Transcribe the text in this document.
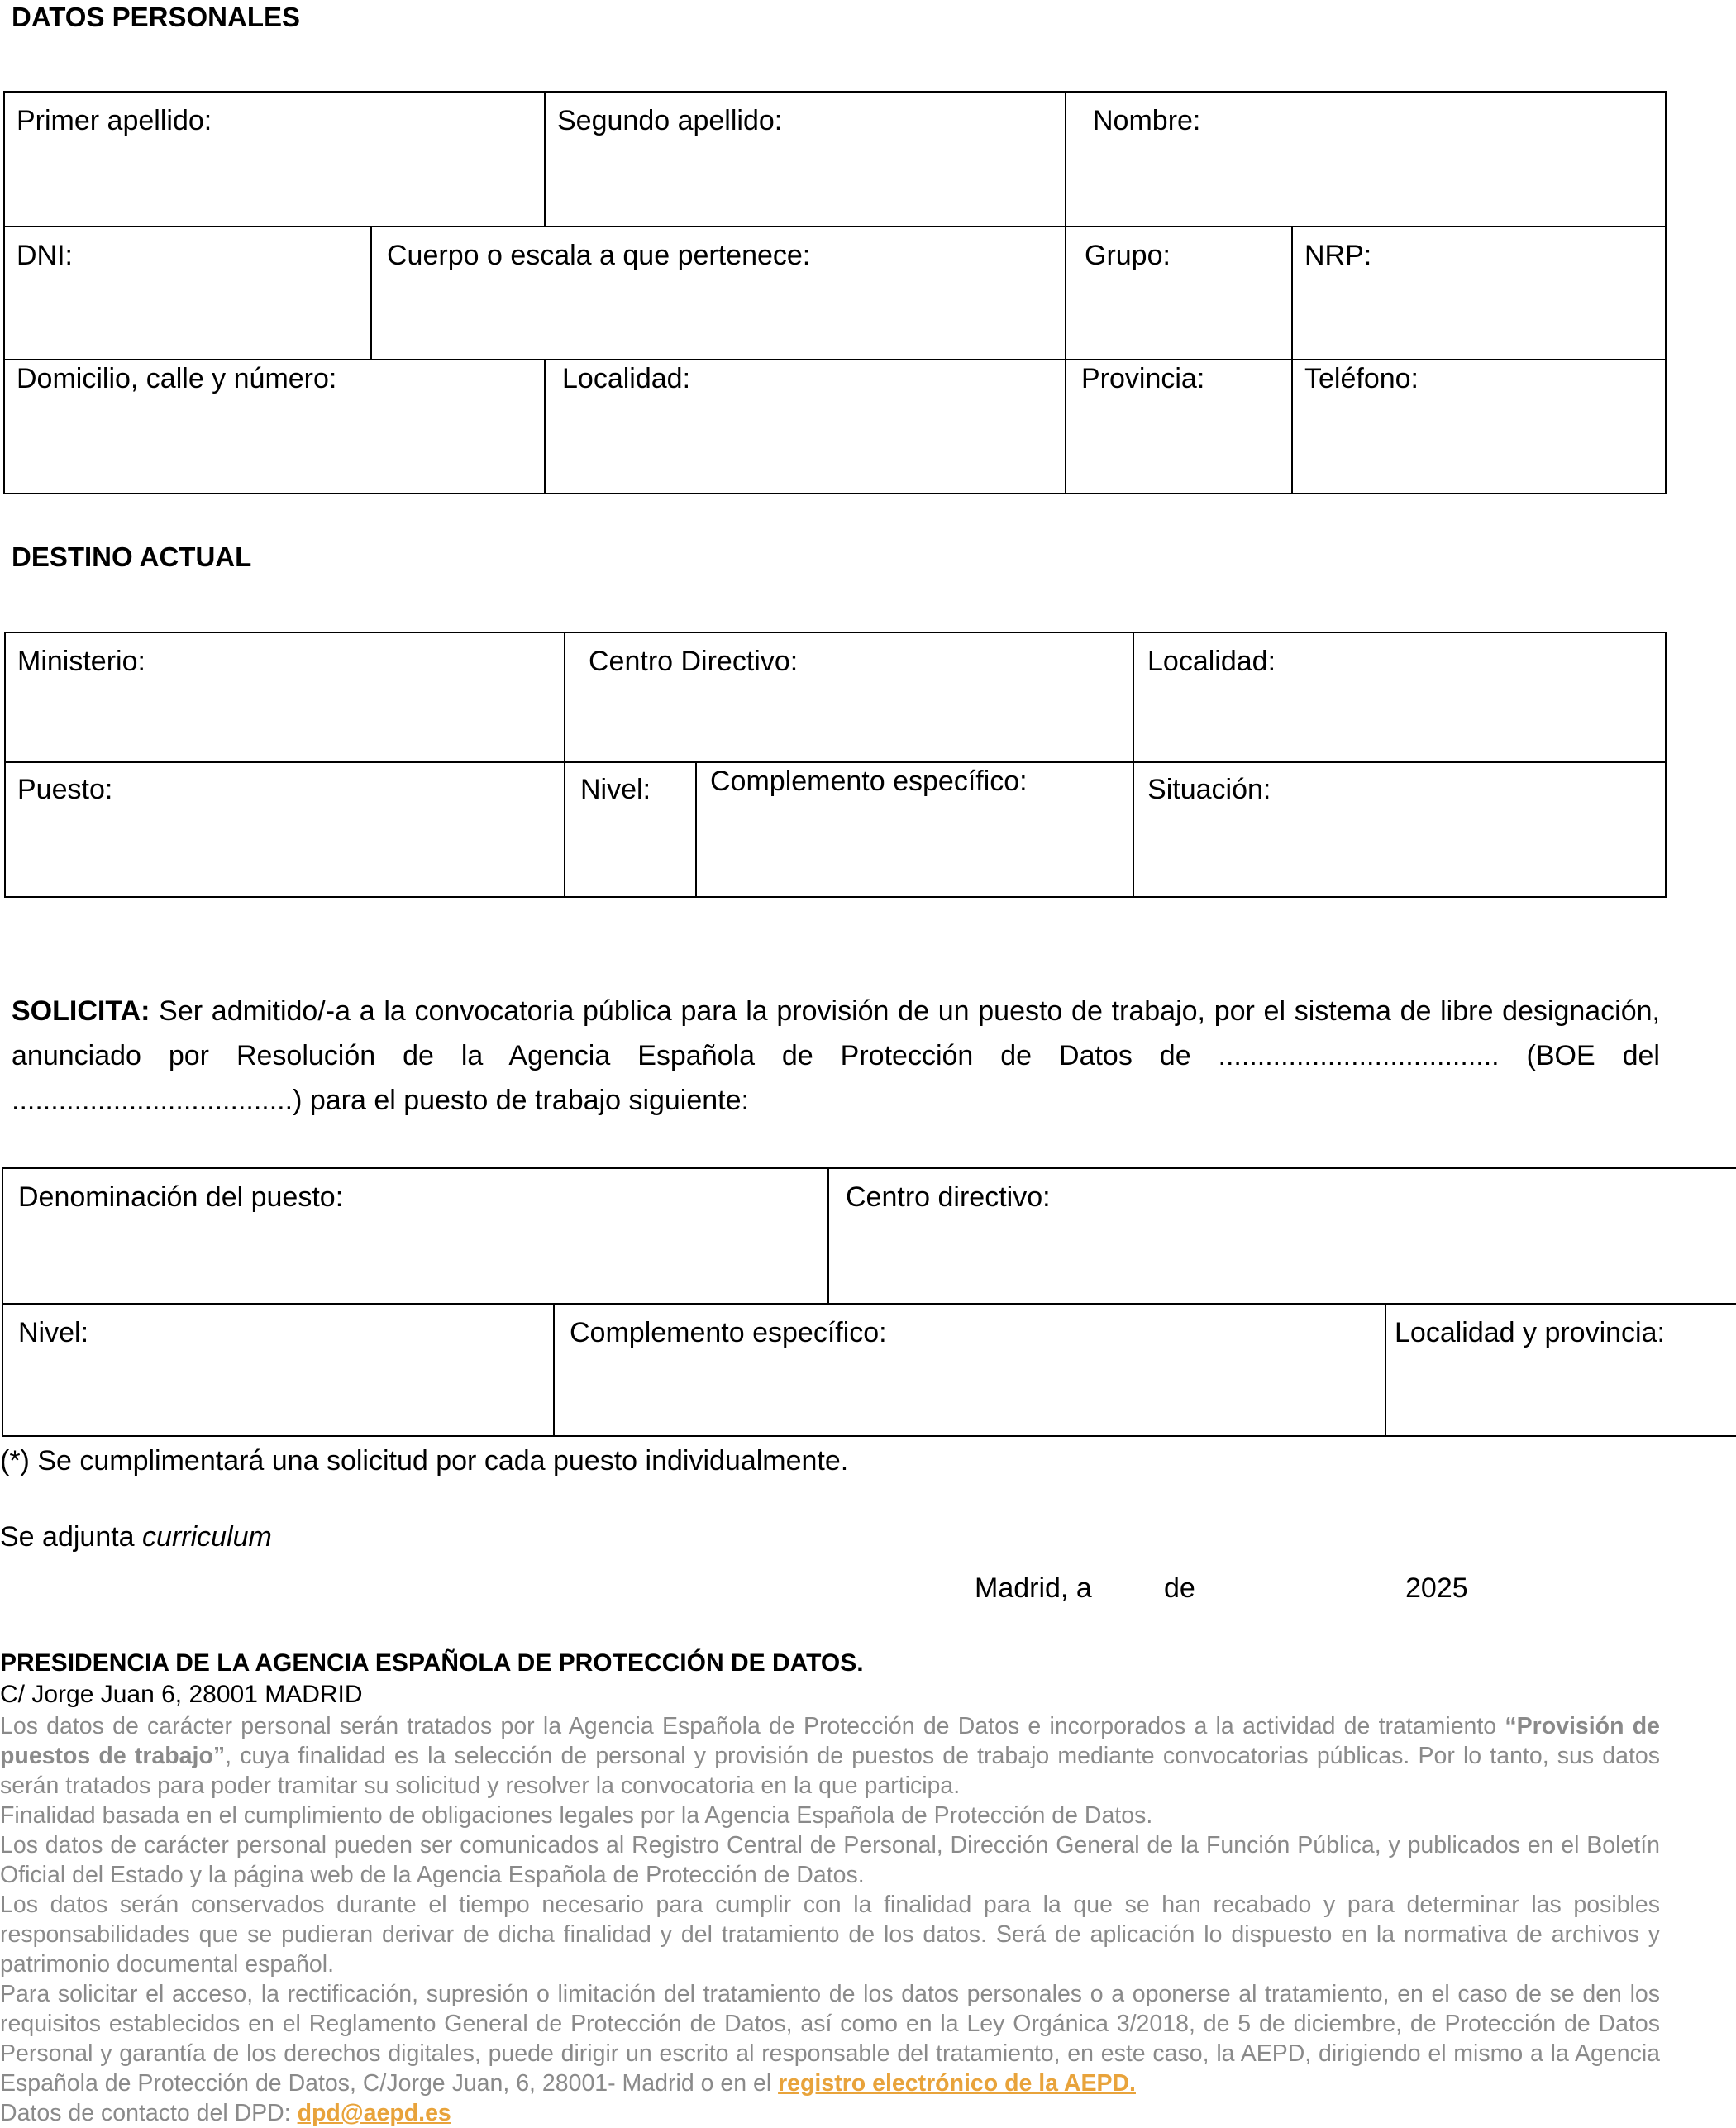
DATOS PERSONALES
Primer apellido:		Segundo apellido:	Nombre:	
DNI:	Cuerpo o escala a que pertenece:		Grupo:	NRP:
Domicilio, calle y número:		Localidad:	Provincia:	Teléfono:
DESTINO ACTUAL
Ministerio:	Centro Directivo:		Localidad:
Puesto:	Nivel:	Complemento específico:	Situación:
SOLICITA: Ser admitido/-a a la convocatoria pública para la provisión de un puesto de trabajo, por el sistema de libre designación, anunciado por Resolución de la Agencia Española de Protección de Datos de .................................... (BOE del ....................................) para el puesto de trabajo siguiente:
Denominación del puesto:		Centro directivo:	
Nivel:	Complemento específico:		Localidad y provincia:
(*) Se cumplimentará una solicitud por cada puesto individualmente.
Se adjunta curriculum
Madrid, a	de	2025
PRESIDENCIA DE LA AGENCIA ESPAÑOLA DE PROTECCIÓN DE DATOS.
C/ Jorge Juan 6, 28001 MADRID
Los datos de carácter personal serán tratados por la Agencia Española de Protección de Datos e incorporados a la actividad de tratamiento “Provisión de puestos de trabajo”, cuya finalidad es la selección de personal y provisión de puestos de trabajo mediante convocatorias públicas. Por lo tanto, sus datos serán tratados para poder tramitar su solicitud y resolver la convocatoria en la que participa.
Finalidad basada en el cumplimiento de obligaciones legales por la Agencia Española de Protección de Datos.
Los datos de carácter personal pueden ser comunicados al Registro Central de Personal, Dirección General de la Función Pública, y publicados en el Boletín Oficial del Estado y la página web de la Agencia Española de Protección de Datos.
Los datos serán conservados durante el tiempo necesario para cumplir con la finalidad para la que se han recabado y para determinar las posibles responsabilidades que se pudieran derivar de dicha finalidad y del tratamiento de los datos. Será de aplicación lo dispuesto en la normativa de archivos y patrimonio documental español.
Para solicitar el acceso, la rectificación, supresión o limitación del tratamiento de los datos personales o a oponerse al tratamiento, en el caso de se den los requisitos establecidos en el Reglamento General de Protección de Datos, así como en la Ley Orgánica 3/2018, de 5 de diciembre, de Protección de Datos Personal y garantía de los derechos digitales, puede dirigir un escrito al responsable del tratamiento, en este caso, la AEPD, dirigiendo el mismo a la Agencia Española de Protección de Datos, C/Jorge Juan, 6, 28001- Madrid o en el registro electrónico de la AEPD.
Datos de contacto del DPD: dpd@aepd.es
